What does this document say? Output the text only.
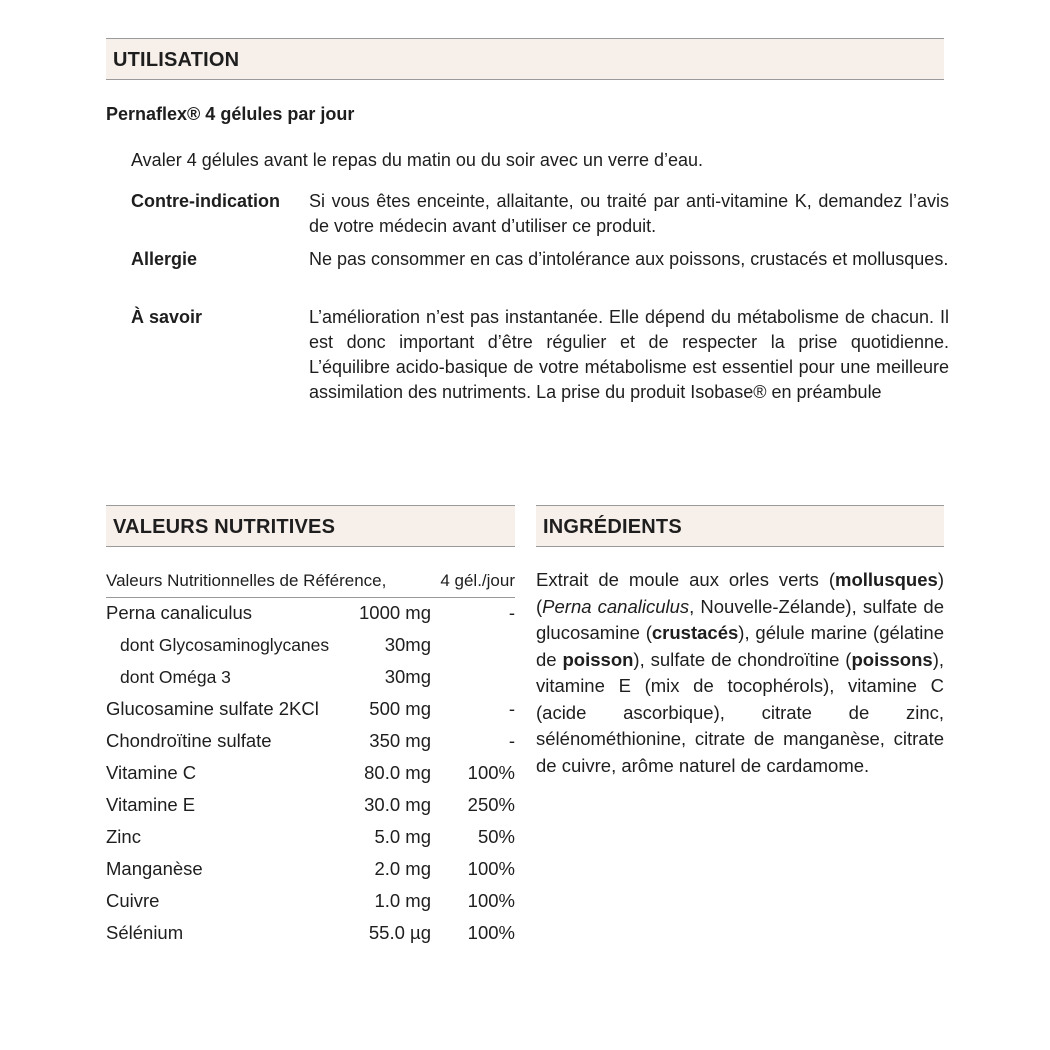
UTILISATION
Pernaflex® 4 gélules par jour
Avaler 4 gélules avant le repas du matin ou du soir avec un verre d’eau.
Contre-indication Si vous êtes enceinte, allaitante, ou traité par anti-vitamine K, demandez l’avis de votre médecin avant d’utiliser ce produit.
Allergie	Ne pas consommer en cas d’intolérance aux poissons, crustacés et mollusques.
À savoir	L’amélioration n’est pas instantanée. Elle dépend du métabolisme de chacun. Il est donc important d’être régulier et de respecter la prise quotidienne. L’équilibre acido-basique de votre métabolisme est essentiel pour une meilleure assimilation des nutriments. La prise du produit Isobase® en préambule
VALEURS NUTRITIVES
Valeurs Nutritionnelles de Référence,	4 gél./jour
Perna canaliculus	1000 mg	-
dont Glycosaminoglycanes	30mg
dont Oméga 3	30mg
Glucosamine sulfate 2KCl	500 mg	-
Chondroïtine sulfate	350 mg	-
Vitamine C	80.0 mg 100%
Vitamine E	30.0 mg 250%
Zinc	5.0 mg	50%
Manganèse	2.0 mg 100%
Cuivre	1.0 mg 100%
Sélénium	55.0 µg 100%
INGRÉDIENTS
Extrait de moule aux orles verts (mollusques) (Perna canaliculus, Nouvelle-Zélande), sulfate de glucosamine (crustacés), gélule marine (gélatine de poisson), sulfate de chondroïtine (poissons), vitamine E (mix de tocophérols), vitamine C (acide ascorbique), citrate de zinc, sélénométhionine, citrate de manganèse, citrate de cuivre, arôme naturel de cardamome.
